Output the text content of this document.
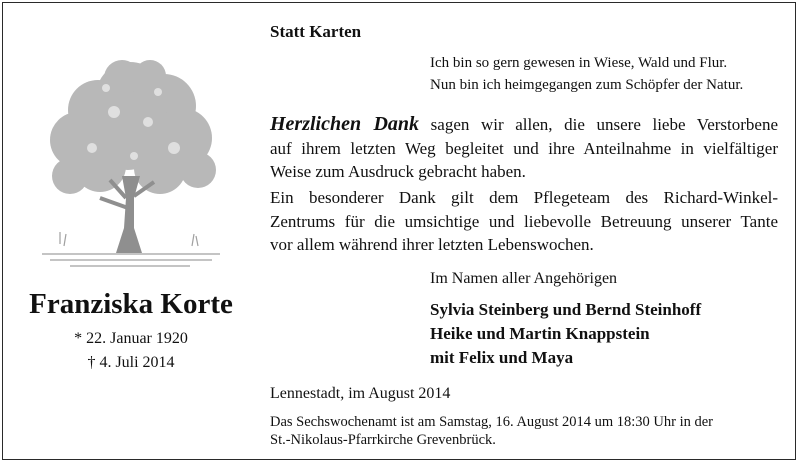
Franziska Korte
* 22. Januar 1920
† 4. Juli 2014
Statt Karten
Ich bin so gern gewesen in Wiese, Wald und Flur.
Nun bin ich heimgegangen zum Schöpfer der Natur.
Herzlichen Dank sagen wir allen, die unsere liebe Verstorbene
auf ihrem letzten Weg begleitet und ihre Anteilnahme in vielfältiger
Weise zum Ausdruck gebracht haben.
Ein besonderer Dank gilt dem Pflegeteam des Richard-Winkel-
Zentrums für die umsichtige und liebevolle Betreuung unserer Tante
vor allem während ihrer letzten Lebenswochen.
Im Namen aller Angehörigen
Sylvia Steinberg und Bernd Steinhoff
Heike und Martin Knappstein
mit Felix und Maya
Lennestadt, im August 2014
Das Sechswochenamt ist am Samstag, 16. August 2014 um 18:30 Uhr in der
St.-Nikolaus-Pfarrkirche Grevenbrück.
